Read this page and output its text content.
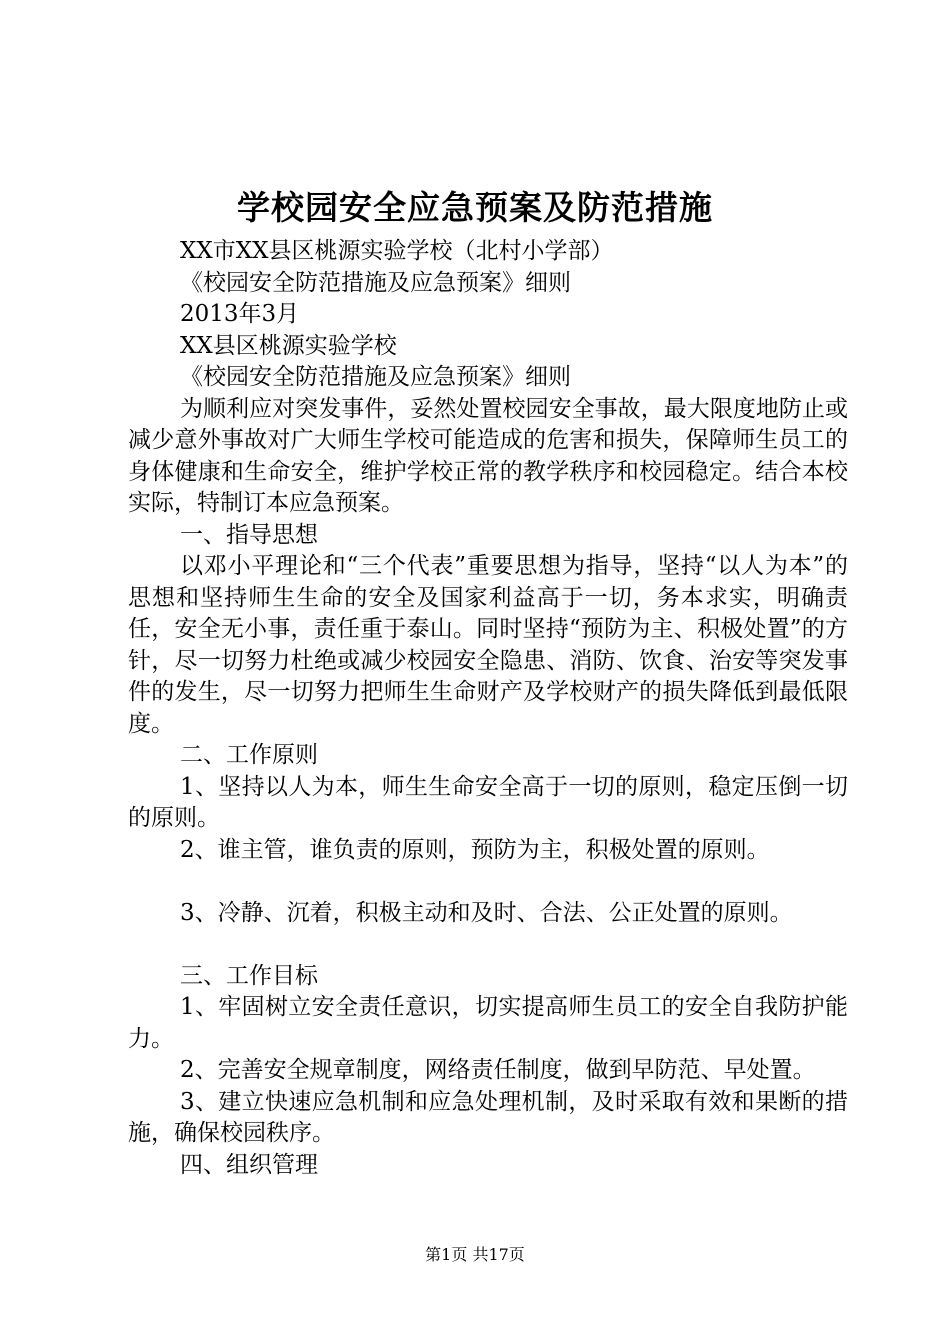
学校园安全应急预案及防范措施

XX市XX县区桃源实验学校（北村小学部）

《校园安全防范措施及应急预案》细则

2013年3月

XX县区桃源实验学校

《校园安全防范措施及应急预案》细则

为顺利应对突发事件，妥然处置校园安全事故，最大限度地防止或减少意外事故对广大师生学校可能造成的危害和损失，保障师生员工的身体健康和生命安全，维护学校正常的教学秩序和校园稳定。结合本校实际，特制订本应急预案。

一、指导思想

以邓小平理论和“三个代表”重要思想为指导，坚持“以人为本”的思想和坚持师生生命的安全及国家利益高于一切，务本求实，明确责任，安全无小事，责任重于泰山。同时坚持“预防为主、积极处置”的方针，尽一切努力杜绝或减少校园安全隐患、消防、饮食、治安等突发事件的发生，尽一切努力把师生生命财产及学校财产的损失降低到最低限度。

二、工作原则

1、坚持以人为本，师生生命安全高于一切的原则，稳定压倒一切的原则。

2、谁主管，谁负责的原则，预防为主，积极处置的原则。

3、冷静、沉着，积极主动和及时、合法、公正处置的原则。

三、工作目标

1、牢固树立安全责任意识，切实提高师生员工的安全自我防护能力。

2、完善安全规章制度，网络责任制度，做到早防范、早处置。

3、建立快速应急机制和应急处理机制，及时采取有效和果断的措施，确保校园秩序。

四、组织管理

第1页 共17页
